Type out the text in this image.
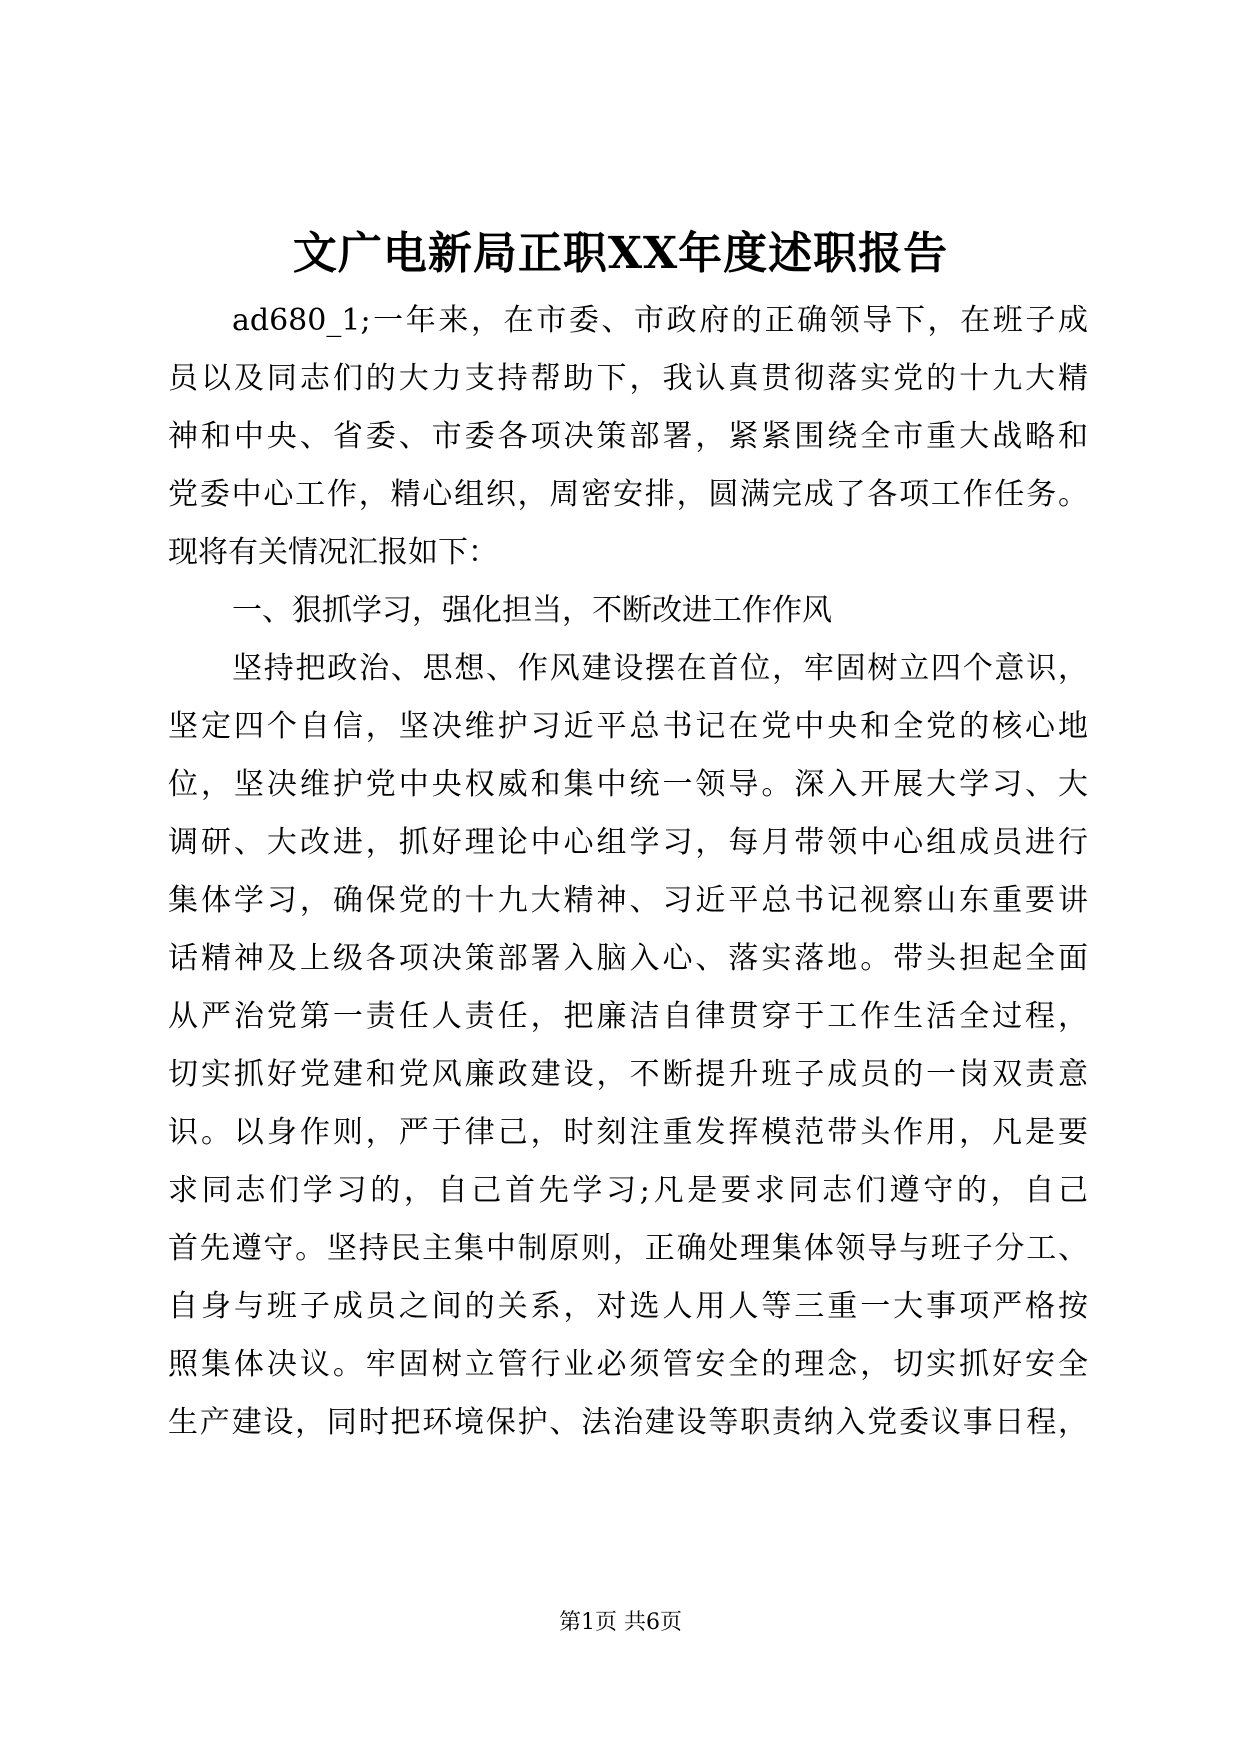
文广电新局正职XX年度述职报告
ad680_1;一年来，在市委、市政府的正确领导下，在班子成
员以及同志们的大力支持帮助下，我认真贯彻落实党的十九大精
神和中央、省委、市委各项决策部署，紧紧围绕全市重大战略和
党委中心工作，精心组织，周密安排，圆满完成了各项工作任务。
现将有关情况汇报如下：
一、狠抓学习，强化担当，不断改进工作作风
坚持把政治、思想、作风建设摆在首位，牢固树立四个意识，
坚定四个自信，坚决维护习近平总书记在党中央和全党的核心地
位，坚决维护党中央权威和集中统一领导。深入开展大学习、大
调研、大改进，抓好理论中心组学习，每月带领中心组成员进行
集体学习，确保党的十九大精神、习近平总书记视察山东重要讲
话精神及上级各项决策部署入脑入心、落实落地。带头担起全面
从严治党第一责任人责任，把廉洁自律贯穿于工作生活全过程，
切实抓好党建和党风廉政建设，不断提升班子成员的一岗双责意
识。以身作则，严于律己，时刻注重发挥模范带头作用，凡是要
求同志们学习的，自己首先学习;凡是要求同志们遵守的，自己
首先遵守。坚持民主集中制原则，正确处理集体领导与班子分工、
自身与班子成员之间的关系，对选人用人等三重一大事项严格按
照集体决议。牢固树立管行业必须管安全的理念，切实抓好安全
生产建设，同时把环境保护、法治建设等职责纳入党委议事日程，
第1页 共6页
